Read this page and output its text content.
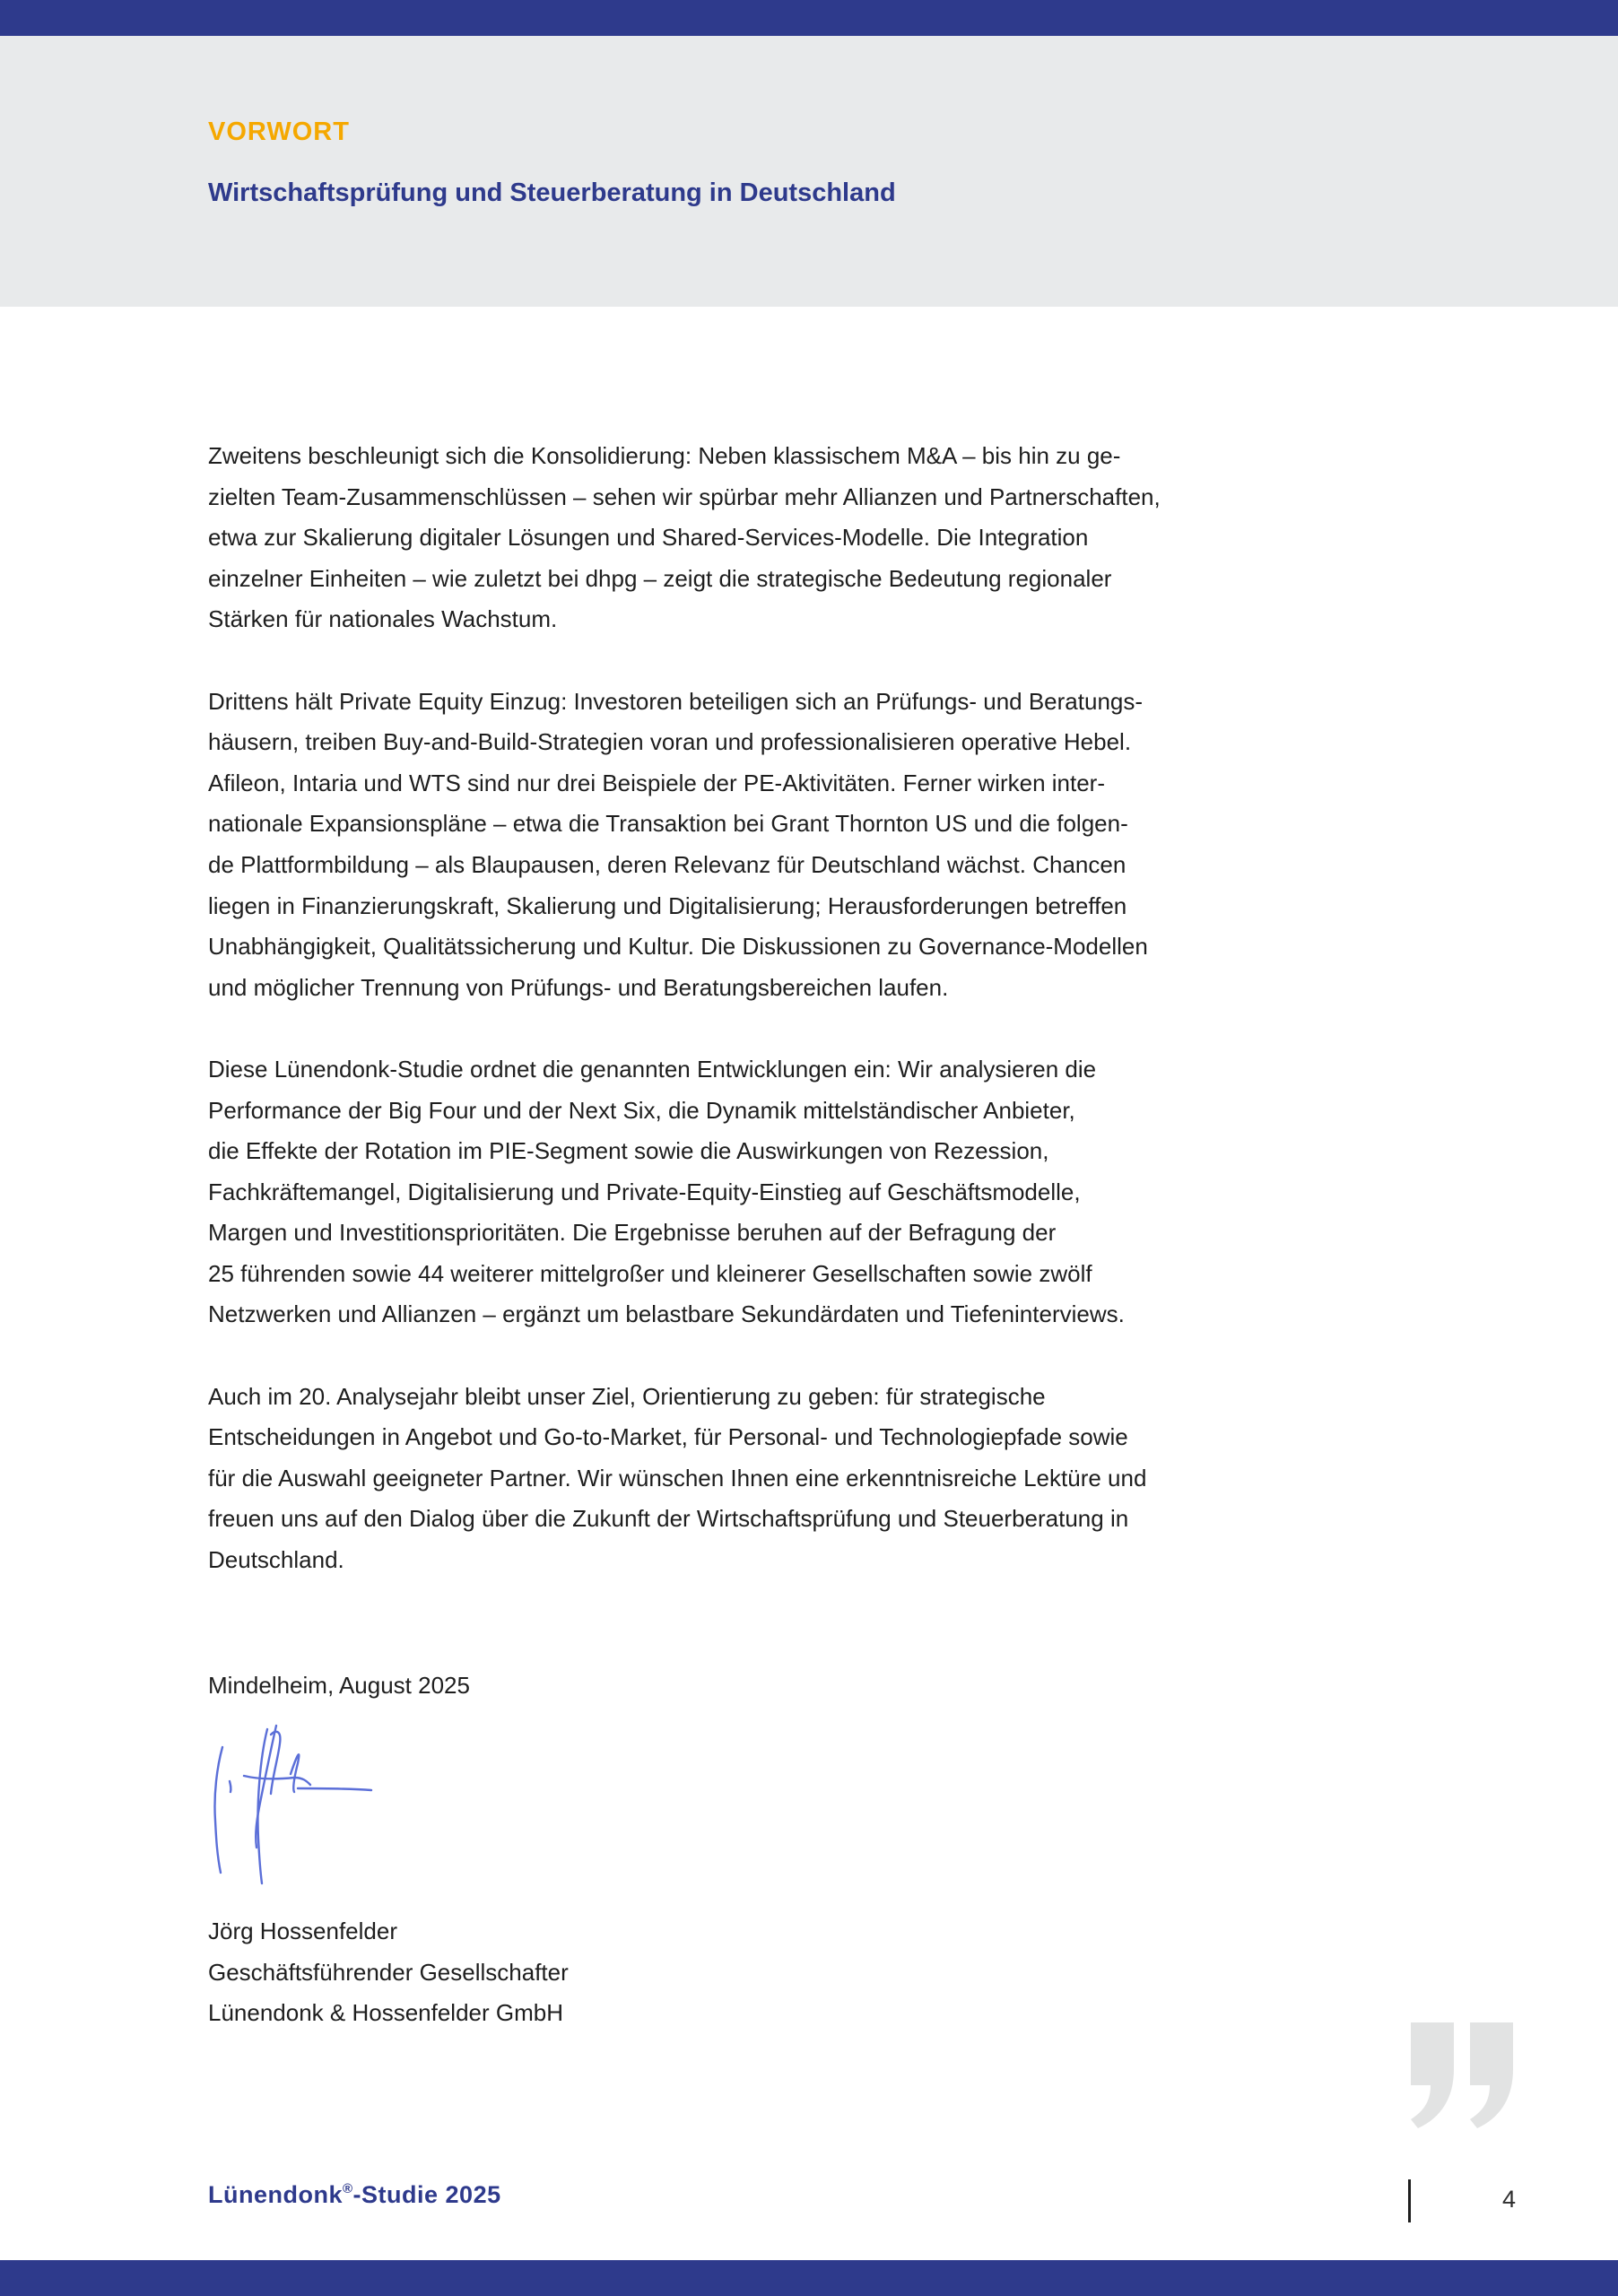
VORWORT
Wirtschaftsprüfung und Steuerberatung in Deutschland

Zweitens beschleunigt sich die Konsolidierung: Neben klassischem M&A – bis hin zu ge-
zielten Team-Zusammenschlüssen – sehen wir spürbar mehr Allianzen und Partnerschaften,
etwa zur Skalierung digitaler Lösungen und Shared-Services-Modelle. Die Integration
einzelner Einheiten – wie zuletzt bei dhpg – zeigt die strategische Bedeutung regionaler
Stärken für nationales Wachstum.

Drittens hält Private Equity Einzug: Investoren beteiligen sich an Prüfungs- und Beratungs-
häusern, treiben Buy-and-Build-Strategien voran und professionalisieren operative Hebel.
Afileon, Intaria und WTS sind nur drei Beispiele der PE-Aktivitäten. Ferner wirken inter-
nationale Expansionspläne – etwa die Transaktion bei Grant Thornton US und die folgen-
de Plattformbildung – als Blaupausen, deren Relevanz für Deutschland wächst. Chancen
liegen in Finanzierungskraft, Skalierung und Digitalisierung; Herausforderungen betreffen
Unabhängigkeit, Qualitätssicherung und Kultur. Die Diskussionen zu Governance-Modellen
und möglicher Trennung von Prüfungs- und Beratungsbereichen laufen.

Diese Lünendonk-Studie ordnet die genannten Entwicklungen ein: Wir analysieren die
Performance der Big Four und der Next Six, die Dynamik mittelständischer Anbieter,
die Effekte der Rotation im PIE-Segment sowie die Auswirkungen von Rezession,
Fachkräftemangel, Digitalisierung und Private-Equity-Einstieg auf Geschäftsmodelle,
Margen und Investitionsprioritäten. Die Ergebnisse beruhen auf der Befragung der
25 führenden sowie 44 weiterer mittelgroßer und kleinerer Gesellschaften sowie zwölf
Netzwerken und Allianzen – ergänzt um belastbare Sekundärdaten und Tiefeninterviews.

Auch im 20. Analysejahr bleibt unser Ziel, Orientierung zu geben: für strategische
Entscheidungen in Angebot und Go-to-Market, für Personal- und Technologiepfade sowie
für die Auswahl geeigneter Partner. Wir wünschen Ihnen eine erkenntnisreiche Lektüre und
freuen uns auf den Dialog über die Zukunft der Wirtschaftsprüfung und Steuerberatung in
Deutschland.

Mindelheim, August 2025
Jörg Hossenfelder
Geschäftsführender Gesellschafter
Lünendonk & Hossenfelder GmbH
Lünendonk®-Studie 2025	4
